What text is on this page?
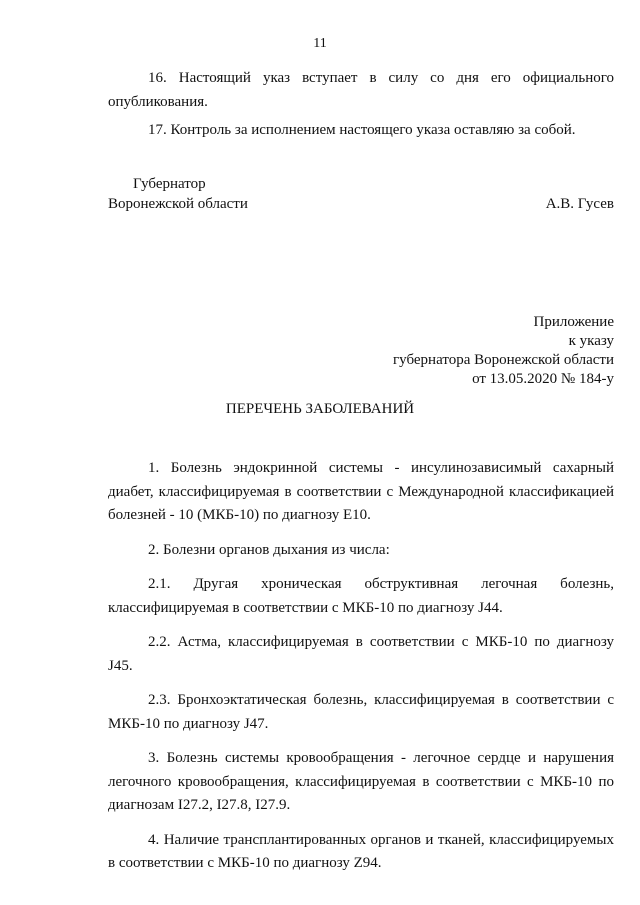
11

16. Настоящий указ вступает в силу со дня его официального опубликования.

17. Контроль за исполнением настоящего указа оставляю за собой.

Губернатор
Воронежской области	А.В. Гусев
Приложение
к указу
губернатора Воронежской области
от 13.05.2020 № 184-у
ПЕРЕЧЕНЬ ЗАБОЛЕВАНИЙ

1. Болезнь эндокринной системы - инсулинозависимый сахарный диабет, классифицируемая в соответствии с Международной классификацией болезней - 10 (МКБ-10) по диагнозу E10.

2. Болезни органов дыхания из числа:

2.1. Другая хроническая обструктивная легочная болезнь, классифицируемая в соответствии с МКБ-10 по диагнозу J44.

2.2. Астма, классифицируемая в соответствии с МКБ-10 по диагнозу J45.

2.3. Бронхоэктатическая болезнь, классифицируемая в соответствии с МКБ-10 по диагнозу J47.

3. Болезнь системы кровообращения - легочное сердце и нарушения легочного кровообращения, классифицируемая в соответствии с МКБ-10 по диагнозам I27.2, I27.8, I27.9.

4. Наличие трансплантированных органов и тканей, классифицируемых в соответствии с МКБ-10 по диагнозу Z94.
